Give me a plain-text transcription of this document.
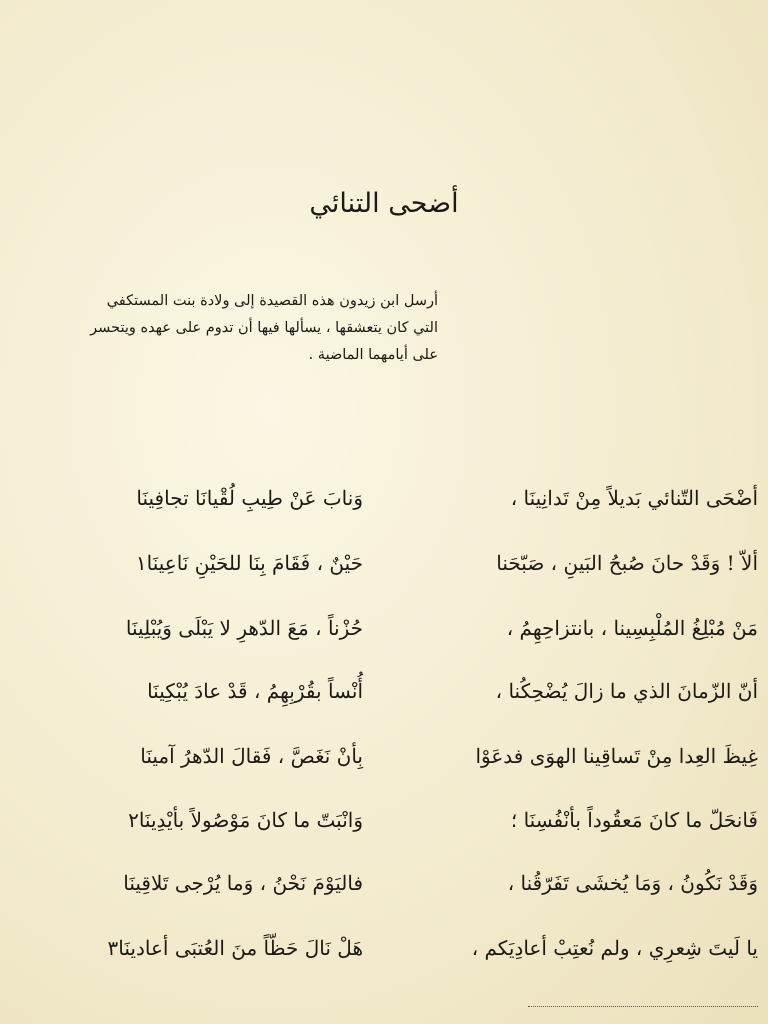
أضحى التنائي
أرسل ابن زيدون هذه القصيدة إلى ولادة بنت المستكفي
التي كان يتعشقها ، يسألها فيها أن تدوم على عهده ويتحسر
على أيامهما الماضية .
أضْحَى التّنائي بَديلاً مِنْ تَدانِينَا ،
وَنابَ عَنْ طِيبِ لُقْيانَا تجافِينَا
ألاّ ! وَقَدْ حانَ صُبحُ البَينِ ، صَبّحَنا
حَيْنٌ ، فَقَامَ بِنَا للحَيْنِ نَاعِينَا١
مَنْ مُبْلِغُ المُلْبِسِينا ، بانتزاحِهِمُ ،
حُزْناً ، مَعَ الدّهرِ لا يَبْلَى وَيُبْلِينَا
أنّ الزّمانَ الذي ما زالَ يُضْحِكُنا ،
أُنْساً بقُرْبِهِمُ ، قَدْ عادَ يُبْكِينَا
غِيظَ العِدا مِنْ تَساقِينا الهوَى فدعَوْا
بِأنْ نَغَصَّ ، فَقالَ الدّهرُ آمينَا
فَانحَلّ ما كانَ مَعقُوداً بأنْفُسِنَا ؛
وَانْبَتّ ما كانَ مَوْصُولاً بأيْدِينَا٢
وَقَدْ نَكُونُ ، وَمَا يُخشَى تَفَرّقُنا ،
فاليَوْمَ نَحْنُ ، وَما يُرْجى تَلاقِينَا
يا لَيتَ شِعرِي ، ولم نُعتِبْ أعادِيَكم ،
هَلْ نَالَ حَظّاً منَ العُتبَى أعادينَا٣
